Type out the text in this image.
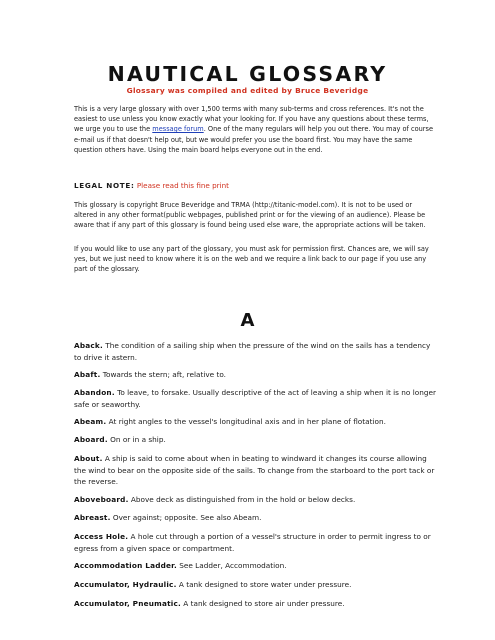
NAUTICAL GLOSSARY
Glossary was compiled and edited by Bruce Beveridge

This is a very large glossary with over 1,500 terms with many sub-terms and cross references. It's not the easiest to use unless you know exactly what your looking for. If you have any questions about these terms, we urge you to use the message forum. One of the many regulars will help you out there. You may of course e-mail us if that doesn't help out, but we would prefer you use the board first. You may have the same question others have. Using the main board helps everyone out in the end.

LEGAL NOTE: Please read this fine print

This glossary is copyright Bruce Beveridge and TRMA (http://titanic-model.com). It is not to be used or altered in any other format(public webpages, published print or for the viewing of an audience). Please be aware that if any part of this glossary is found being used else ware, the appropriate actions will be taken.

If you would like to use any part of the glossary, you must ask for permission first. Chances are, we will say yes, but we just need to know where it is on the web and we require a link back to our page if you use any part of the glossary.

A

Aback. The condition of a sailing ship when the pressure of the wind on the sails has a tendency to drive it astern.

Abaft. Towards the stern; aft, relative to.

Abandon. To leave, to forsake. Usually descriptive of the act of leaving a ship when it is no longer safe or seaworthy.

Abeam. At right angles to the vessel's longitudinal axis and in her plane of flotation.

Aboard. On or in a ship.

About. A ship is said to come about when in beating to windward it changes its course allowing the wind to bear on the opposite side of the sails. To change from the starboard to the port tack or the reverse.

Aboveboard. Above deck as distinguished from in the hold or below decks.

Abreast. Over against; opposite. See also Abeam.

Access Hole. A hole cut through a portion of a vessel's structure in order to permit ingress to or egress from a given space or compartment.

Accommodation Ladder. See Ladder, Accommodation.

Accumulator, Hydraulic. A tank designed to store water under pressure.

Accumulator, Pneumatic. A tank designed to store air under pressure.
